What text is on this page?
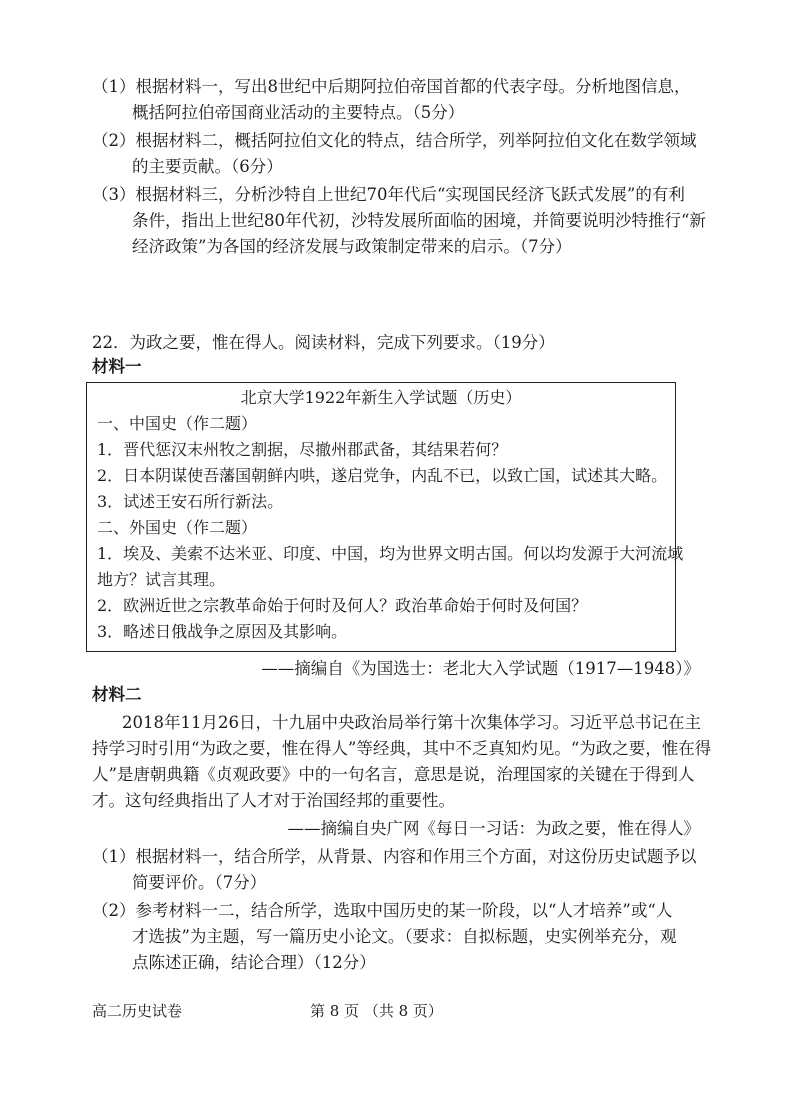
（1）根据材料一，写出8世纪中后期阿拉伯帝国首都的代表字母。分析地图信息，
概括阿拉伯帝国商业活动的主要特点。（5分）
（2）根据材料二，概括阿拉伯文化的特点，结合所学，列举阿拉伯文化在数学领域
的主要贡献。（6分）
（3）根据材料三，分析沙特自上世纪70年代后“实现国民经济飞跃式发展”的有利
条件，指出上世纪80年代初，沙特发展所面临的困境，并简要说明沙特推行“新
经济政策”为各国的经济发展与政策制定带来的启示。（7分）
22．为政之要，惟在得人。阅读材料，完成下列要求。（19分）
材料一
北京大学1922年新生入学试题（历史）
一、中国史（作二题）
1．晋代惩汉末州牧之割据，尽撤州郡武备，其结果若何？
2．日本阴谋使吾藩国朝鲜内哄，遂启党争，内乱不已，以致亡国，试述其大略。
3．试述王安石所行新法。
二、外国史（作二题）
1．埃及、美索不达米亚、印度、中国，均为世界文明古国。何以均发源于大河流域
地方？试言其理。
2．欧洲近世之宗教革命始于何时及何人？政治革命始于何时及何国？
3．略述日俄战争之原因及其影响。
——摘编自《为国选士：老北大入学试题（1917—1948）》
材料二
2018年11月26日，十九届中央政治局举行第十次集体学习。习近平总书记在主
持学习时引用“为政之要，惟在得人”等经典，其中不乏真知灼见。“为政之要，惟在得
人”是唐朝典籍《贞观政要》中的一句名言，意思是说，治理国家的关键在于得到人
才。这句经典指出了人才对于治国经邦的重要性。
——摘编自央广网《每日一习话：为政之要，惟在得人》
（1）根据材料一，结合所学，从背景、内容和作用三个方面，对这份历史试题予以
简要评价。（7分）
（2）参考材料一二，结合所学，选取中国历史的某一阶段，以“人才培养”或“人
才选拔”为主题，写一篇历史小论文。（要求：自拟标题，史实例举充分，观
点陈述正确，结论合理）（12分）
高二历史试卷	第 8 页 （共 8 页）
